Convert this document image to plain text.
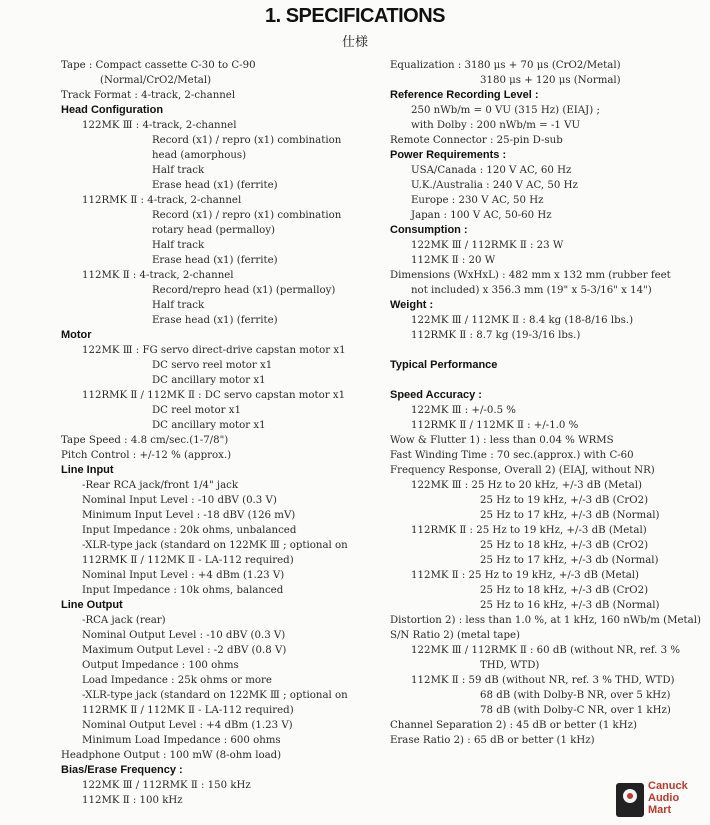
1. SPECIFICATIONS
仕様
Tape : Compact cassette C-30 to C-90
(Normal/CrO2/Metal)
Track Format : 4-track, 2-channel
Head Configuration
122MK Ⅲ : 4-track, 2-channel
Record (x1) / repro (x1) combination
head (amorphous)
Half track
Erase head (x1) (ferrite)
112RMK Ⅱ : 4-track, 2-channel
Record (x1) / repro (x1) combination
rotary head (permalloy)
Half track
Erase head (x1) (ferrite)
112MK Ⅱ : 4-track, 2-channel
Record/repro head (x1) (permalloy)
Half track
Erase head (x1) (ferrite)
Motor
122MK Ⅲ : FG servo direct-drive capstan motor x1
DC servo reel motor x1
DC ancillary motor x1
112RMK Ⅱ / 112MK Ⅱ : DC servo capstan motor x1
DC reel motor x1
DC ancillary motor x1
Tape Speed : 4.8 cm/sec.(1-7/8")
Pitch Control : +/-12 % (approx.)
Line Input
-Rear RCA jack/front 1/4" jack
Nominal Input Level : -10 dBV (0.3 V)
Minimum Input Level : -18 dBV (126 mV)
Input Impedance : 20k ohms, unbalanced
-XLR-type jack (standard on 122MK Ⅲ ; optional on
112RMK Ⅱ / 112MK Ⅱ - LA-112 required)
Nominal Input Level : +4 dBm (1.23 V)
Input Impedance : 10k ohms, balanced
Line Output
-RCA jack (rear)
Nominal Output Level : -10 dBV (0.3 V)
Maximum Output Level : -2 dBV (0.8 V)
Output Impedance : 100 ohms
Load Impedance : 25k ohms or more
-XLR-type jack (standard on 122MK Ⅲ ; optional on
112RMK Ⅱ / 112MK Ⅱ - LA-112 required)
Nominal Output Level : +4 dBm (1.23 V)
Minimum Load Impedance : 600 ohms
Headphone Output : 100 mW (8-ohm load)
Bias/Erase Frequency :
122MK Ⅲ / 112RMK Ⅱ : 150 kHz
112MK Ⅱ : 100 kHz
Equalization : 3180 μs + 70 μs (CrO2/Metal)
3180 μs + 120 μs (Normal)
Reference Recording Level :
250 nWb/m = 0 VU (315 Hz) (EIAJ) ;
with Dolby : 200 nWb/m = -1 VU
Remote Connector : 25-pin D-sub
Power Requirements :
USA/Canada : 120 V AC, 60 Hz
U.K./Australia : 240 V AC, 50 Hz
Europe : 230 V AC, 50 Hz
Japan : 100 V AC, 50-60 Hz
Consumption :
122MK Ⅲ / 112RMK Ⅱ : 23 W
112MK Ⅱ : 20 W
Dimensions (WxHxL) : 482 mm x 132 mm (rubber feet
not included) x 356.3 mm (19" x 5-3/16" x 14")
Weight :
122MK Ⅲ / 112MK Ⅱ : 8.4 kg (18-8/16 lbs.)
112RMK Ⅱ : 8.7 kg (19-3/16 lbs.)
Typical Performance
Speed Accuracy :
122MK Ⅲ : +/-0.5 %
112RMK Ⅱ / 112MK Ⅱ : +/-1.0 %
Wow & Flutter 1) : less than 0.04 % WRMS
Fast Winding Time : 70 sec.(approx.) with C-60
Frequency Response, Overall 2) (EIAJ, without NR)
122MK Ⅲ : 25 Hz to 20 kHz, +/-3 dB (Metal)
25 Hz to 19 kHz, +/-3 dB (CrO2)
25 Hz to 17 kHz, +/-3 dB (Normal)
112RMK Ⅱ : 25 Hz to 19 kHz, +/-3 dB (Metal)
25 Hz to 18 kHz, +/-3 dB (CrO2)
25 Hz to 17 kHz, +/-3 db (Normal)
112MK Ⅱ : 25 Hz to 19 kHz, +/-3 dB (Metal)
25 Hz to 18 kHz, +/-3 dB (CrO2)
25 Hz to 16 kHz, +/-3 dB (Normal)
Distortion 2) : less than 1.0 %, at 1 kHz, 160 nWb/m (Metal)
S/N Ratio 2) (metal tape)
122MK Ⅲ / 112RMK Ⅱ : 60 dB (without NR, ref. 3 %
THD, WTD)
112MK Ⅱ : 59 dB (without NR, ref. 3 % THD, WTD)
68 dB (with Dolby-B NR, over 5 kHz)
78 dB (with Dolby-C NR, over 1 kHz)
Channel Separation 2) : 45 dB or better (1 kHz)
Erase Ratio 2) : 65 dB or better (1 kHz)
Canuck
Audio
Mart
